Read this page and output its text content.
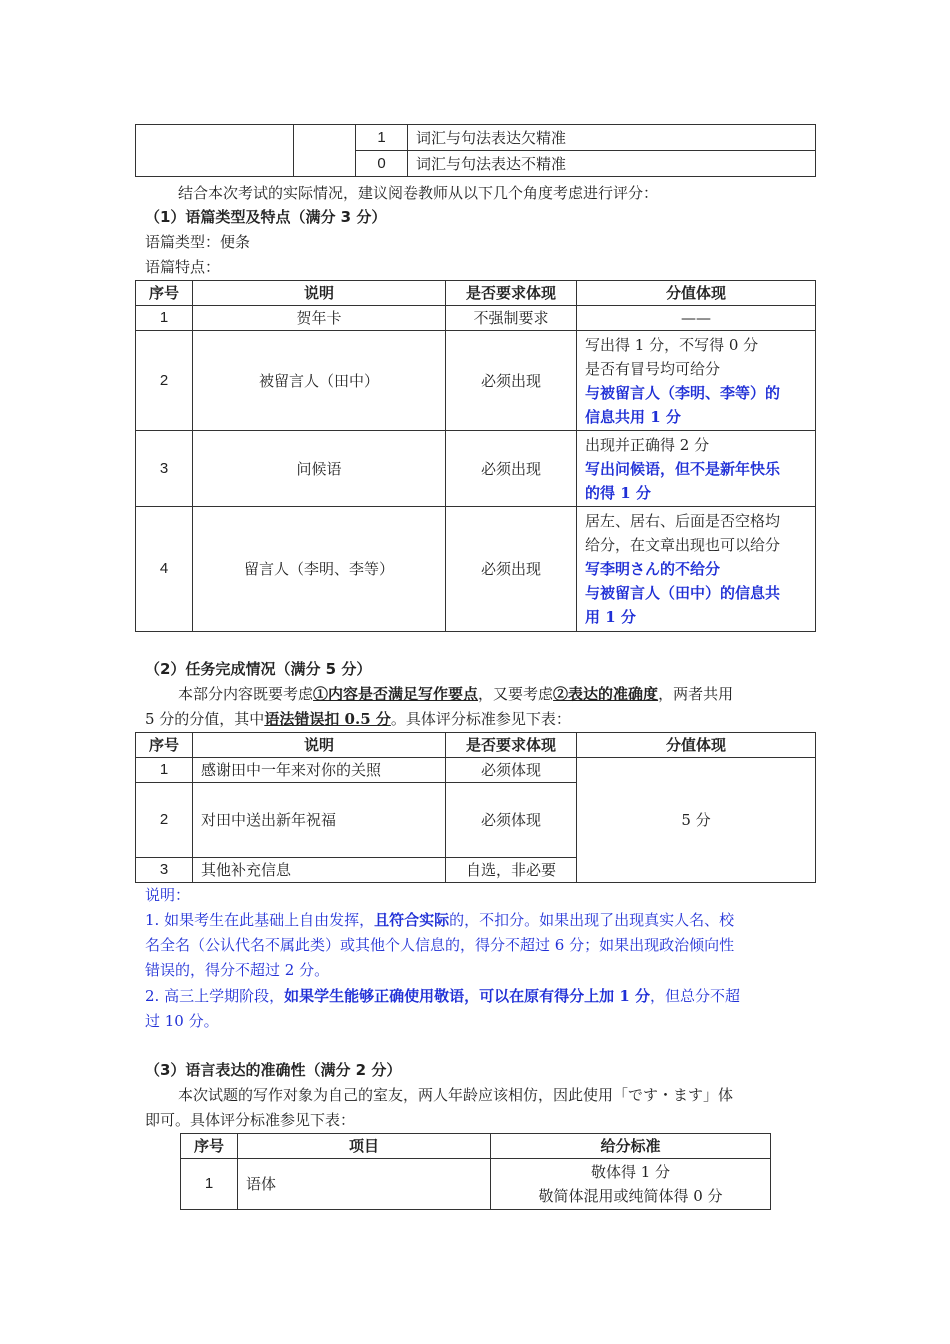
		1	词汇与句法表达欠精准
		0	词汇与句法表达不精准
结合本次考试的实际情况，建议阅卷教师从以下几个角度考虑进行评分：
（1）语篇类型及特点（满分 3 分）
语篇类型：便条
语篇特点：
序号	说明	是否要求体现	分值体现
1	贺年卡	不强制要求	——
2	被留言人（田中）	必须出现	写出得 1 分，不写得 0 分
是否有冒号均可给分
与被留言人（李明、李等）的
信息共用 1 分

3	问候语	必须出现	出现并正确得 2 分
写出问候语，但不是新年快乐
的得 1 分

4	留言人（李明、李等）	必须出现	居左、居右、后面是否空格均
给分，在文章出现也可以给分
写李明さん的不给分
与被留言人（田中）的信息共
用 1 分
（2）任务完成情况（满分 5 分）
本部分内容既要考虑①内容是否满足写作要点，又要考虑②表达的准确度，两者共用
5 分的分值，其中语法错误扣 0.5 分。具体评分标准参见下表：
序号	说明	是否要求体现	分值体现
1	感谢田中一年来对你的关照	必须体现	5 分
2	对田中送出新年祝福	必须体现	
3	其他补充信息	自选，非必要	
说明：
1. 如果考生在此基础上自由发挥，且符合实际的，不扣分。如果出现了出现真实人名、校
名全名（公认代名不属此类）或其他个人信息的，得分不超过 6 分；如果出现政治倾向性
错误的，得分不超过 2 分。
2. 高三上学期阶段，如果学生能够正确使用敬语，可以在原有得分上加 1 分，但总分不超
过 10 分。
（3）语言表达的准确性（满分 2 分）
本次试题的写作对象为自己的室友，两人年龄应该相仿，因此使用「です・ます」体
即可。具体评分标准参见下表：
序号	项目	给分标准
1	语体	敬体得 1 分
敬简体混用或纯简体得 0 分
